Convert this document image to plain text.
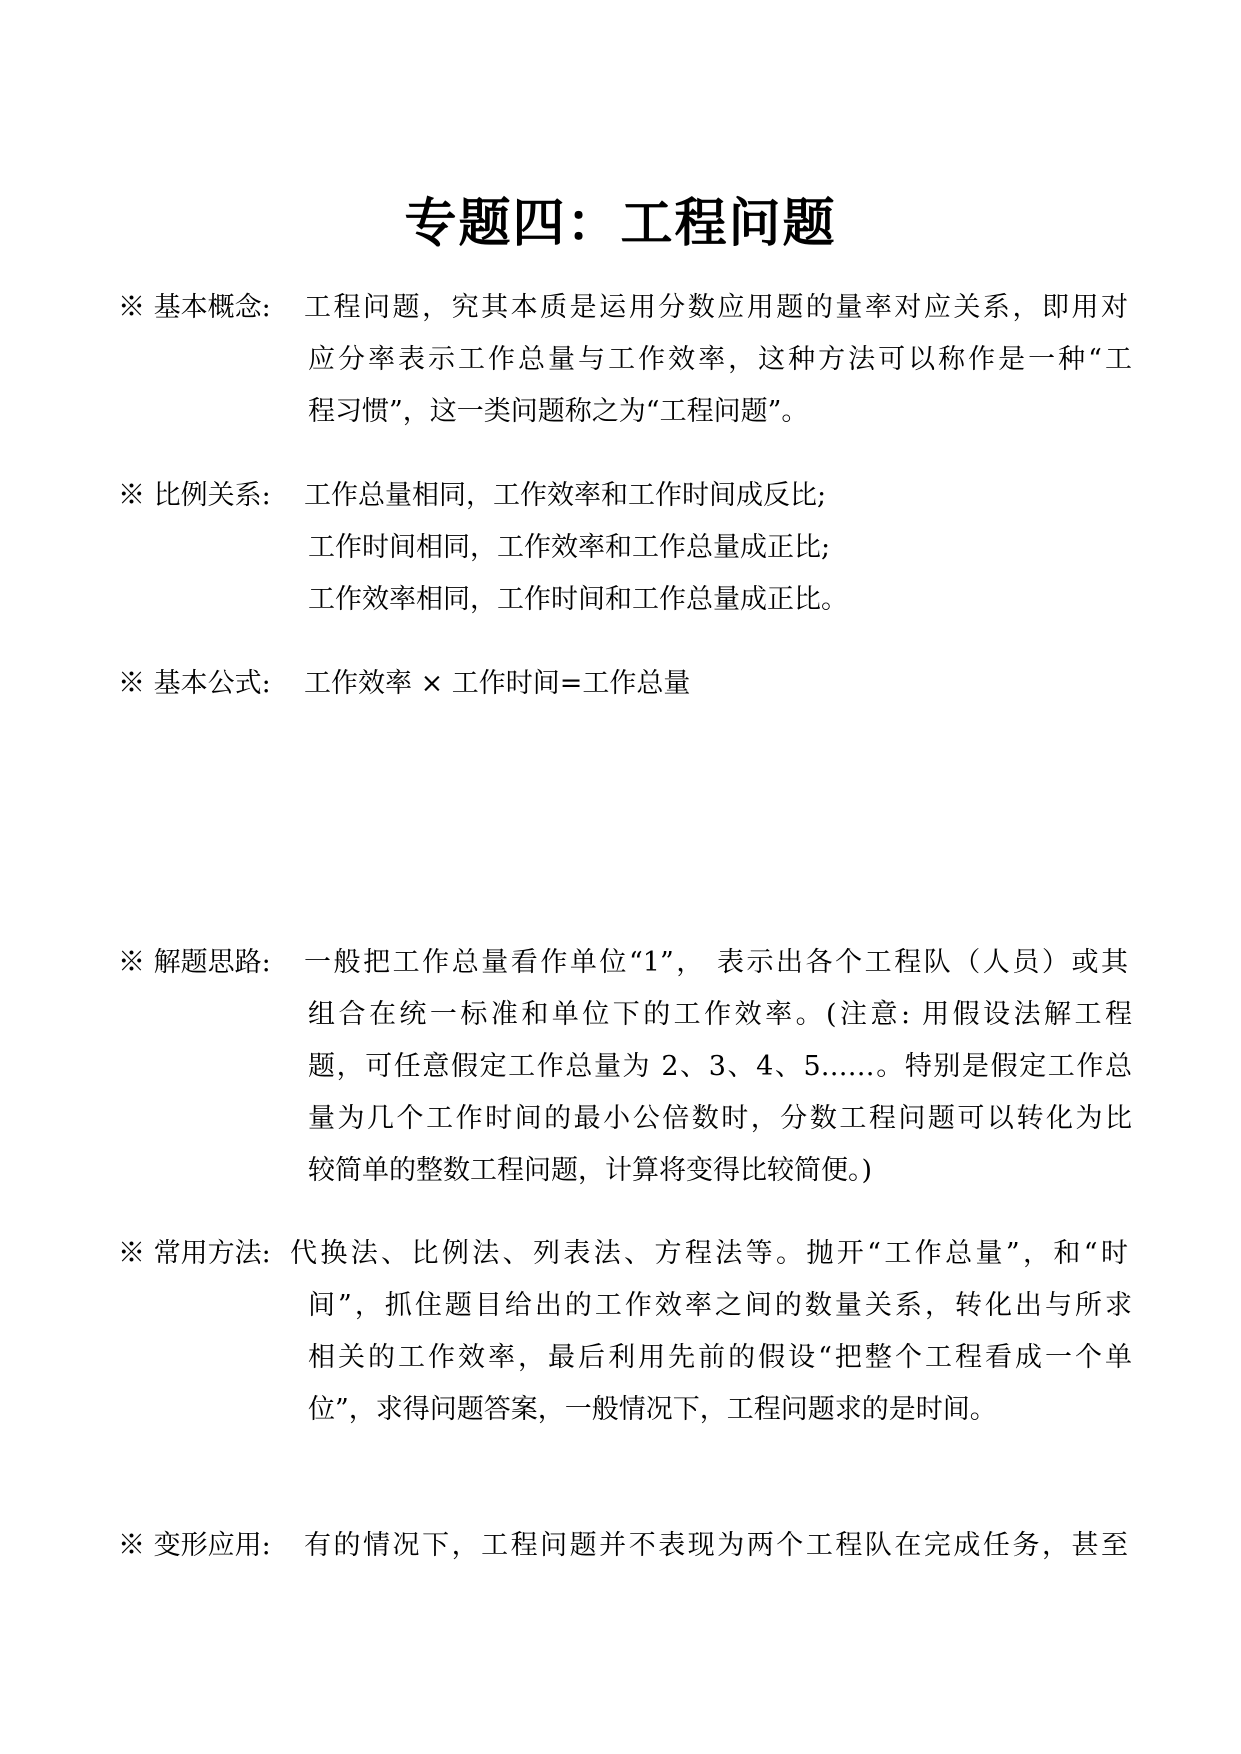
专题四：工程问题
※ 基本概念: 工程问题，究其本质是运用分数应用题的量率对应关系，即用对
应分率表示工作总量与工作效率，这种方法可以称作是一种“工
程习惯”，这一类问题称之为“工程问题”。
※ 比例关系: 工作总量相同，工作效率和工作时间成反比;
工作时间相同，工作效率和工作总量成正比;
工作效率相同，工作时间和工作总量成正比。
※ 基本公式: 工作效率 × 工作时间=工作总量
※ 解题思路: 一般把工作总量看作单位“1”， 表示出各个工程队（人员）或其
组合在统一标准和单位下的工作效率。(注意: 用假设法解工程
题，可任意假定工作总量为 2、3、4、5……。特别是假定工作总
量为几个工作时间的最小公倍数时，分数工程问题可以转化为比
较简单的整数工程问题，计算将变得比较简便。)
※ 常用方法: 代换法、比例法、列表法、方程法等。抛开“工作总量”，和“时
间”，抓住题目给出的工作效率之间的数量关系，转化出与所求
相关的工作效率，最后利用先前的假设“把整个工程看成一个单
位”，求得问题答案，一般情况下，工程问题求的是时间。
※ 变形应用: 有的情况下，工程问题并不表现为两个工程队在完成任务，甚至
